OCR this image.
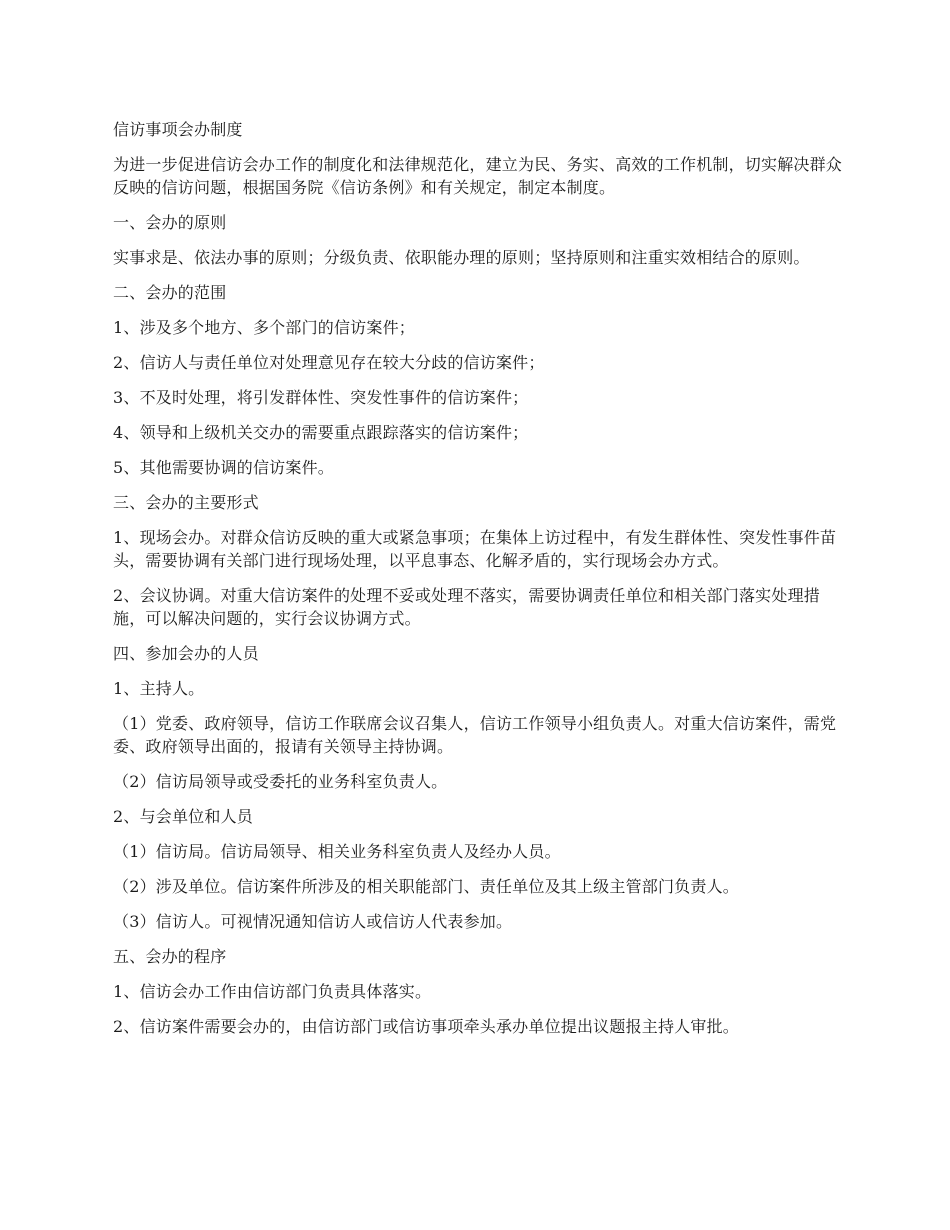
信访事项会办制度

为进一步促进信访会办工作的制度化和法律规范化，建立为民、务实、高效的工作机制，切实解决群众反映的信访问题，根据国务院《信访条例》和有关规定，制定本制度。

一、会办的原则

实事求是、依法办事的原则；分级负责、依职能办理的原则；坚持原则和注重实效相结合的原则。

二、会办的范围

1、涉及多个地方、多个部门的信访案件；

2、信访人与责任单位对处理意见存在较大分歧的信访案件；

3、不及时处理，将引发群体性、突发性事件的信访案件；

4、领导和上级机关交办的需要重点跟踪落实的信访案件；

5、其他需要协调的信访案件。

三、会办的主要形式

1、现场会办。对群众信访反映的重大或紧急事项；在集体上访过程中，有发生群体性、突发性事件苗头，需要协调有关部门进行现场处理，以平息事态、化解矛盾的，实行现场会办方式。

2、会议协调。对重大信访案件的处理不妥或处理不落实，需要协调责任单位和相关部门落实处理措施，可以解决问题的，实行会议协调方式。

四、参加会办的人员

1、主持人。

（1）党委、政府领导，信访工作联席会议召集人，信访工作领导小组负责人。对重大信访案件，需党委、政府领导出面的，报请有关领导主持协调。

（2）信访局领导或受委托的业务科室负责人。

2、与会单位和人员

（1）信访局。信访局领导、相关业务科室负责人及经办人员。

（2）涉及单位。信访案件所涉及的相关职能部门、责任单位及其上级主管部门负责人。

（3）信访人。可视情况通知信访人或信访人代表参加。

五、会办的程序

1、信访会办工作由信访部门负责具体落实。

2、信访案件需要会办的，由信访部门或信访事项牵头承办单位提出议题报主持人审批。
